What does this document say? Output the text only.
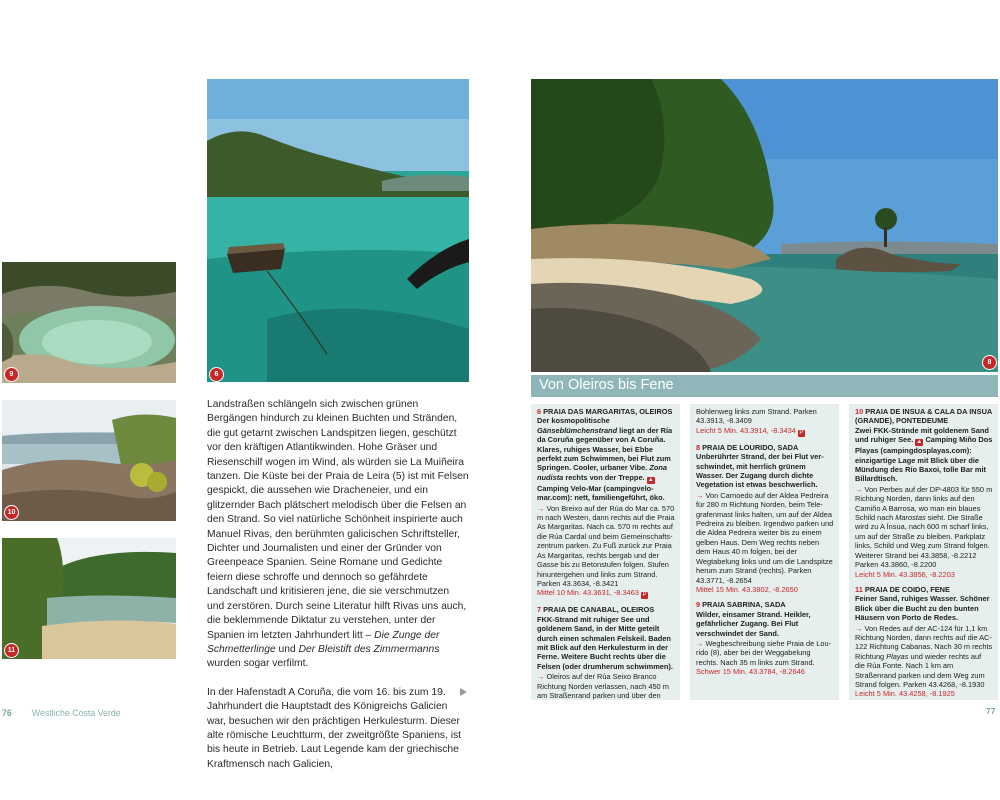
9
10
11
6

Landstraßen schlängeln sich zwischen grünen Bergängen hindurch zu kleinen Buchten und Stränden, die gut getarnt zwischen Landspitzen liegen, geschützt vor den kräftigen Atlantikwinden. Hohe Gräser und Riesenschilf wogen im Wind, als würden sie La Muiñeira tanzen. Die Küste bei der Praia de Leira (5) ist mit Felsen gespickt, die aussehen wie Dracheneier, und ein glitzernder Bach plätschert melodisch über die Felsen an den Strand. So viel natürliche Schönheit inspirierte auch Manuel Rivas, den berühmten galicischen Schriftsteller, Dichter und Journalisten und einer der Gründer von Greenpeace Spanien. Seine Romane und Gedichte feiern diese schroffe und dennoch so gefährdete Landschaft und kritisieren jene, die sie verschmutzen und zerstören. Durch seine Literatur hilft Rivas uns auch, die beklemmende Diktatur zu verstehen, unter der Spanien im letzten Jahrhundert litt – Die Zunge der Schmetterlinge und Der Bleistift des Zimmermanns wurden sogar verfilmt.

In der Hafenstadt A Coruña, die vom 16. bis zum 19. Jahrhundert die Hauptstadt des Königreichs Galicien war, besuchen wir den prächtigen Herkulesturm. Dieser alte römische Leuchtturm, der zweitgrößte Spaniens, ist bis heute in Betrieb. Laut Legende kam der griechische Kraftmensch nach Galicien,

76 Westliche Costa Verde
8
Von Oleiros bis Fene
6 PRAIA DAS MARGARITAS, OLEIROS
Der kosmopolitische Gänseblümchenstrand liegt an der Ría da Coruña gegenüber von A Coruña. Klares, ruhiges Wasser, bei Ebbe perfekt zum Schwimmen, bei Flut zum Springen. Cooler, urbaner Vibe. Zona nudista rechts von der Treppe. ▲ Camping Velo-Mar (campingvelo-mar.com): nett, familiengeführt, öko.
→ Von Breixo auf der Rúa do Mar ca. 570 m nach Westen, dann rechts auf die Praia As Margaritas. Nach ca. 570 m rechts auf die Rúa Cardal und beim Gemeinschaftszentrum parken. Zu Fuß zurück zur Praia As Margaritas, rechts bergab und der Gasse bis zu Betonstufen folgen. Stufen hinuntergehen und links zum Strand. Parken 43.3634, -8.3421
Mittel 10 Min. 43.3631, -8.3463 P
7 PRAIA DE CANABAL, OLEIROS
FKK-Strand mit ruhiger See und goldenem Sand, in der Mitte geteilt durch einen schmalen Felskeil. Baden mit Blick auf den Herkulesturm in der Ferne. Weitere Bucht rechts über die Felsen (oder drumherum schwimmen).
→ Oleiros auf der Rúa Seixo Branco Richtung Norden verlassen, nach 450 m am Straßenrand parken und über den
Bohlenweg links zum Strand. Parken 43.3913, -8.3409
Leicht 5 Min. 43.3914, -8.3434 P
8 PRAIA DE LOURIDO, SADA
Unberührter Strand, der bei Flut verschwindet, mit herrlich grünem Wasser. Der Zugang durch dichte Vegetation ist etwas beschwerlich.
→ Von Carnoedo auf der Aldea Pedreira für 280 m Richtung Norden, beim Telegrafenmast links halten, um auf der Aldea Pedreira zu bleiben. Irgendwo parken und die Aldea Pedreira weiter bis zu einem gelben Haus. Dem Weg rechts neben dem Haus 40 m folgen, bei der Wegtabelung links und um die Landspitze herum zum Strand (rechts). Parken 43.3771, -8.2654
Mittel 15 Min. 43.3802, -8.2650
9 PRAIA SABRINA, SADA
Wilder, einsamer Strand. Heikler, gefährlicher Zugang. Bei Flut verschwindet der Sand.
→ Wegbeschreibung siehe Praia de Lourido (8), aber bei der Weggabelung rechts. Nach 35 m links zum Strand.
Schwer 15 Min. 43.3784, -8.2646
10 PRAIA DE INSUA & CALA DA INSUA (GRANDE), PONTEDEUME
Zwei FKK-Strände mit goldenem Sand und ruhiger See. ▲ Camping Miño Dos Playas (campingdosplayas.com): einzigartige Lage mit Blick über die Mündung des Río Baxoi, tolle Bar mit Billardtisch.
→ Von Perbes auf der DP-4803 für 550 m Richtung Norden, dann links auf den Camiño A Barrosa, wo man ein blaues Schild nach Marostas sieht. Die Straße wird zu A Ínsua, nach 600 m scharf links, um auf der Straße zu bleiben. Parkplatz links. Schild und Weg zum Strand folgen. Weiterer Strand bei 43.3858, -8.2212 Parken 43.3860, -8.2200
Leicht 5 Min. 43.3856, -8.2203
11 PRAIA DE COIDO, FENE
Feiner Sand, ruhiges Wasser. Schöner Blick über die Bucht zu den bunten Häusern von Porto de Redes.
→ Von Redes auf der AC-124 für 1,1 km Richtung Norden, dann rechts auf die AC-122 Richtung Cabanas. Nach 30 m rechts Richtung Playas und wieder rechts auf die Rúa Fonte. Nach 1 km am Straßenrand parken und dem Weg zum Strand folgen. Parken 43.4268, -8.1930
Leicht 5 Min. 43.4258, -8.1925
77
